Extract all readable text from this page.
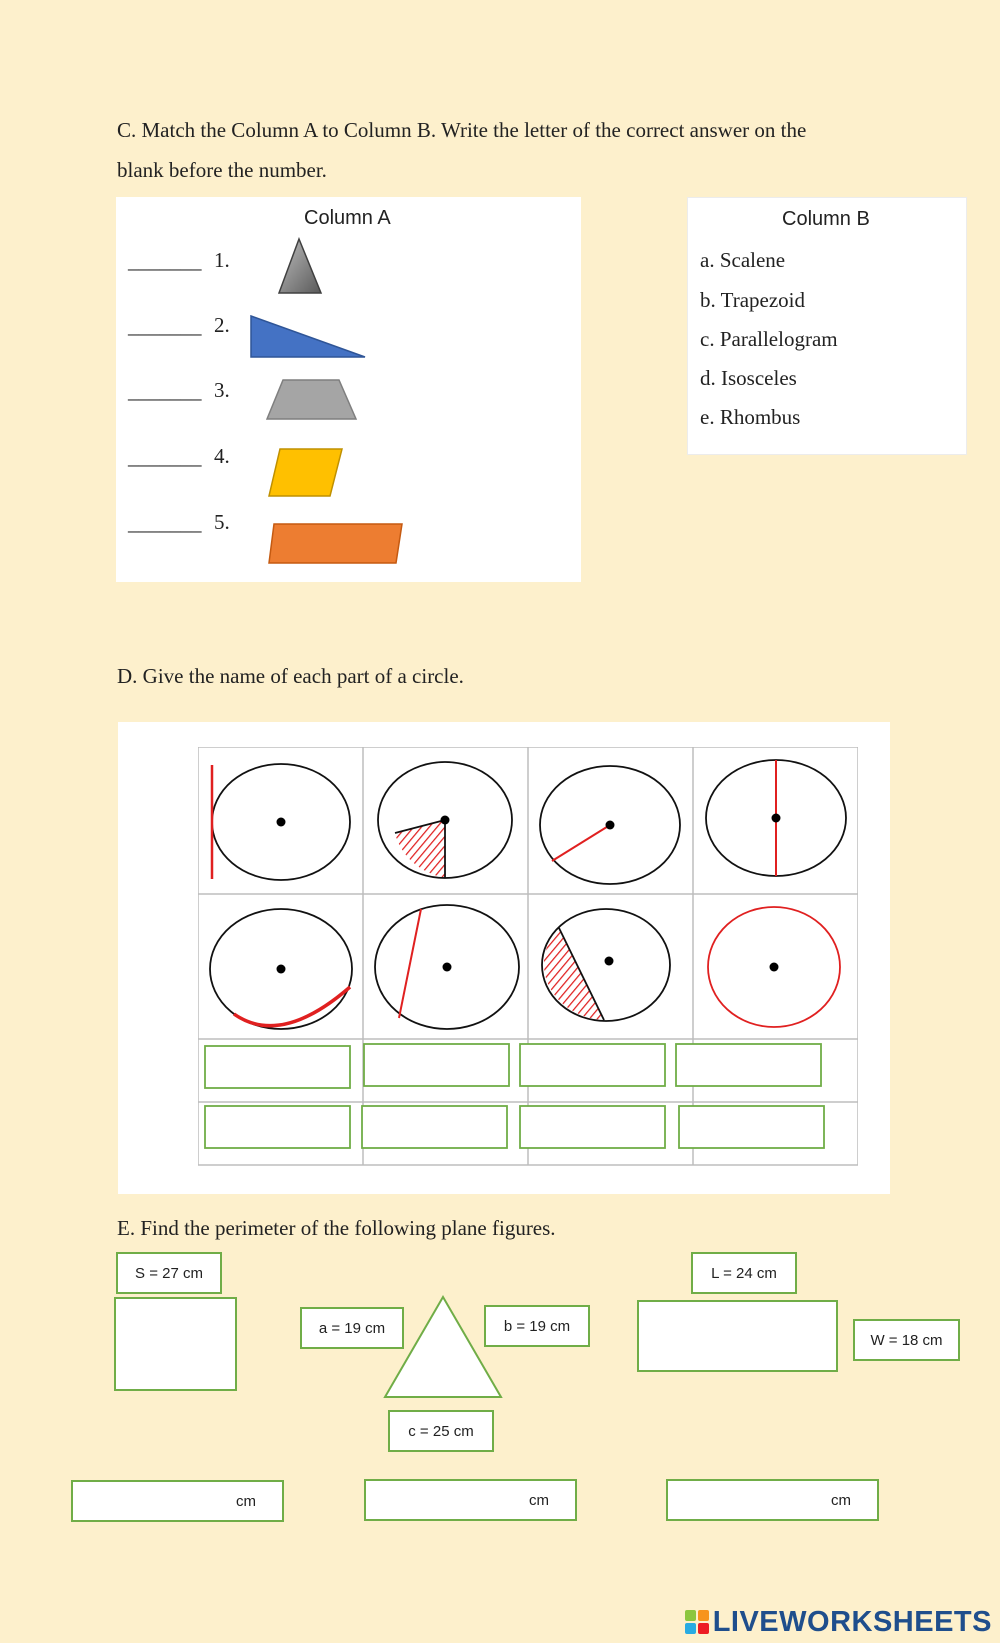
C. Match the Column A to Column B. Write the letter of the correct answer on the
blank before the number.
Column A
_______ 1.
_______ 2.
_______ 3.
_______ 4.
_______ 5.
Column B
a. Scalene
b. Trapezoid
c. Parallelogram
d. Isosceles
e. Rhombus
D. Give the name of each part of a circle.
E. Find the perimeter of the following plane figures.
S = 27 cm
a = 19 cm	b = 19 cm
c = 25 cm
L = 24 cm
W = 18 cm
cm	cm	cm
LIVEWORKSHEETS
